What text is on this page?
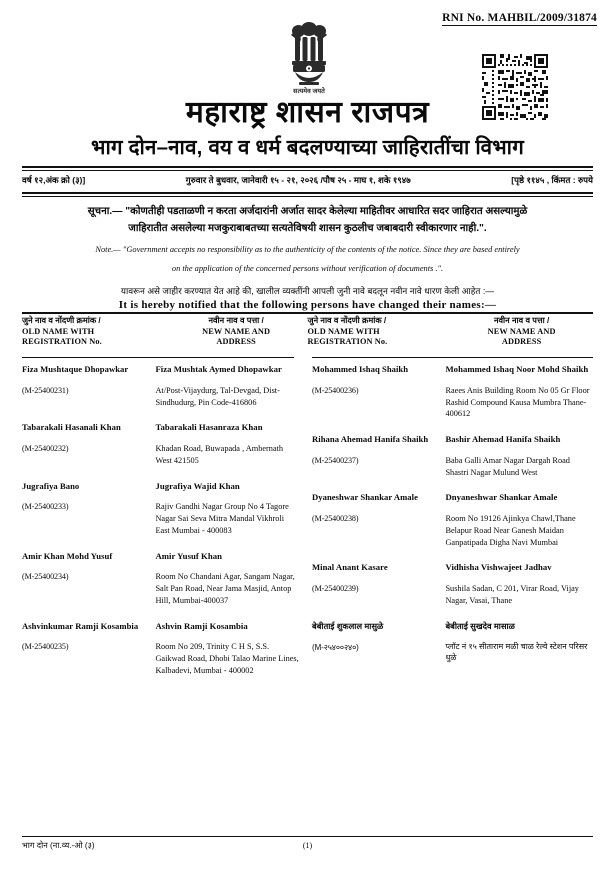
RNI No. MAHBIL/2009/31874
सत्यमेव जयते
महाराष्ट्र शासन राजपत्र
भाग दोन–नाव, वय व धर्म बदलण्याच्या जाहिरातींचा विभाग
वर्ष १२,अंक क्रो (३)]	गुरुवार ते बुधवार, जानेवारी १५ - २१, २०२६ /पौष २५ - माघ १, शके १९४७	[पृष्ठे ११४५ , किंमत : रुपये
सूचना.— "कोणतीही पडताळणी न करता अर्जदारांनी अर्जात सादर केलेल्या माहितीवर आधारित सदर जाहिरात असल्यामुळे
जाहिरातीत असलेल्या मजकुराबाबतच्या सत्यतेविषयी शासन कुठलीच जबाबदारी स्वीकारणार नाही.".
Note.— "Government accepts no responsibility as to the authenticity of the contents of the notice. Since they are based entirely
on the application of the concerned persons without verification of documents .".
यावरून असे जाहीर करण्यात येत आहे की, खालील व्यक्तींनी आपली जुनी नावे बदलून नवीन नावे धारण केली आहेत :—
It is hereby notified that the following persons have changed their names:—
जुने नाव व नोंदणी क्रमांक /
OLD NAME WITH
REGISTRATION No.
नवीन नाव व पत्ता /
NEW NAME AND
ADDRESS
जुने नाव व नोंदणी क्रमांक /
OLD NAME WITH
REGISTRATION No.
नवीन नाव व पत्ता /
NEW NAME AND
ADDRESS
Fiza Mushtaque Dhopawkar
(M-25400231)
Fiza Mushtak Aymed Dhopawkar
At/Post-Vijaydurg, Tal-Devgad, Dist-Sindhudurg, Pin Code-416806
Tabarakali Hasanali Khan
(M-25400232)
Tabarakali Hasanraza Khan
Khadan Road, Buwapada , Ambernath West 421505
Jugrafiya Bano
(M-25400233)
Jugrafiya Wajid Khan
Rajiv Gandhi Nagar Group No 4 Tagore Nagar Sai Seva Mitra Mandal Vikhroli East Mumbai - 400083
Amir Khan Mohd Yusuf
(M-25400234)
Amir Yusuf Khan
Room No Chandani Agar, Sangam Nagar, Salt Pan Road, Near Jama Masjid, Antop Hill, Mumbai-400037
Ashvinkumar Ramji Kosambia
(M-25400235)
Ashvin Ramji Kosambia
Room No 209, Trinity C H S, S.S. Gaikwad Road, Dhobi Talao Marine Lines, Kalbadevi, Mumbai - 400002
Mohammed Ishaq Shaikh
(M-25400236)
Mohammed Ishaq Noor Mohd Shaikh
Raees Anis Building Room No 05 Gr Floor Rashid Compound Kausa Mumbra Thane-400612
Rihana Ahemad Hanifa Shaikh
(M-25400237)
Bashir Ahemad Hanifa Shaikh
Baba Galli Amar Nagar Dargah Road Shastri Nagar Mulund West
Dyaneshwar Shankar Amale
(M-25400238)
Dnyaneshwar Shankar Amale
Room No 19126 Ajinkya Chawl,Thane Belapur Road Near Ganesh Maidan Ganpatipada Digha Navi Mumbai
Minal Anant Kasare
(M-25400239)
Vidhisha Vishwajeet Jadhav
Sushila Sadan, C 201, Virar Road, Vijay Nagar, Vasai, Thane
बेबीताई शुकलाल मासुळे
(M-२५४००२४०)
बेबीताई सुखदेव मासाळ
प्लॉट नं १५ सीताराम मळी चाळ रेल्वे स्टेशन परिसर धुळे
भाग दोन (ना.व्य.-ओ (३)	(1)
